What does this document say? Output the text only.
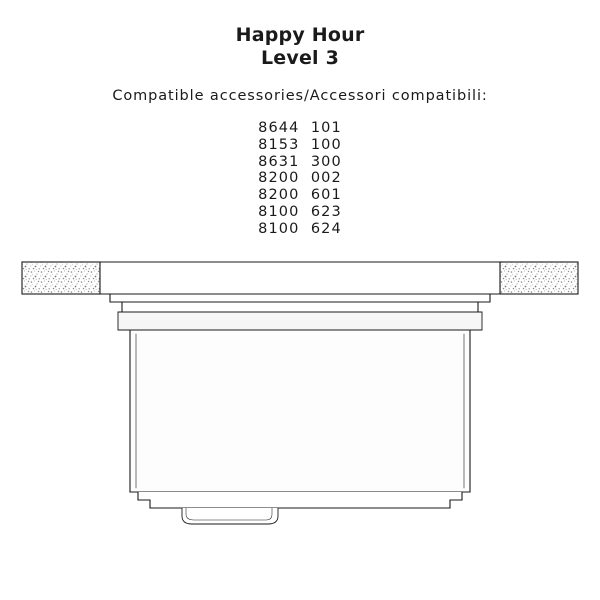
Happy Hour
Level 3
Compatible accessories/Accessori compatibili:
8644  101
8153  100
8631  300
8200  002
8200  601
8100  623
8100  624
